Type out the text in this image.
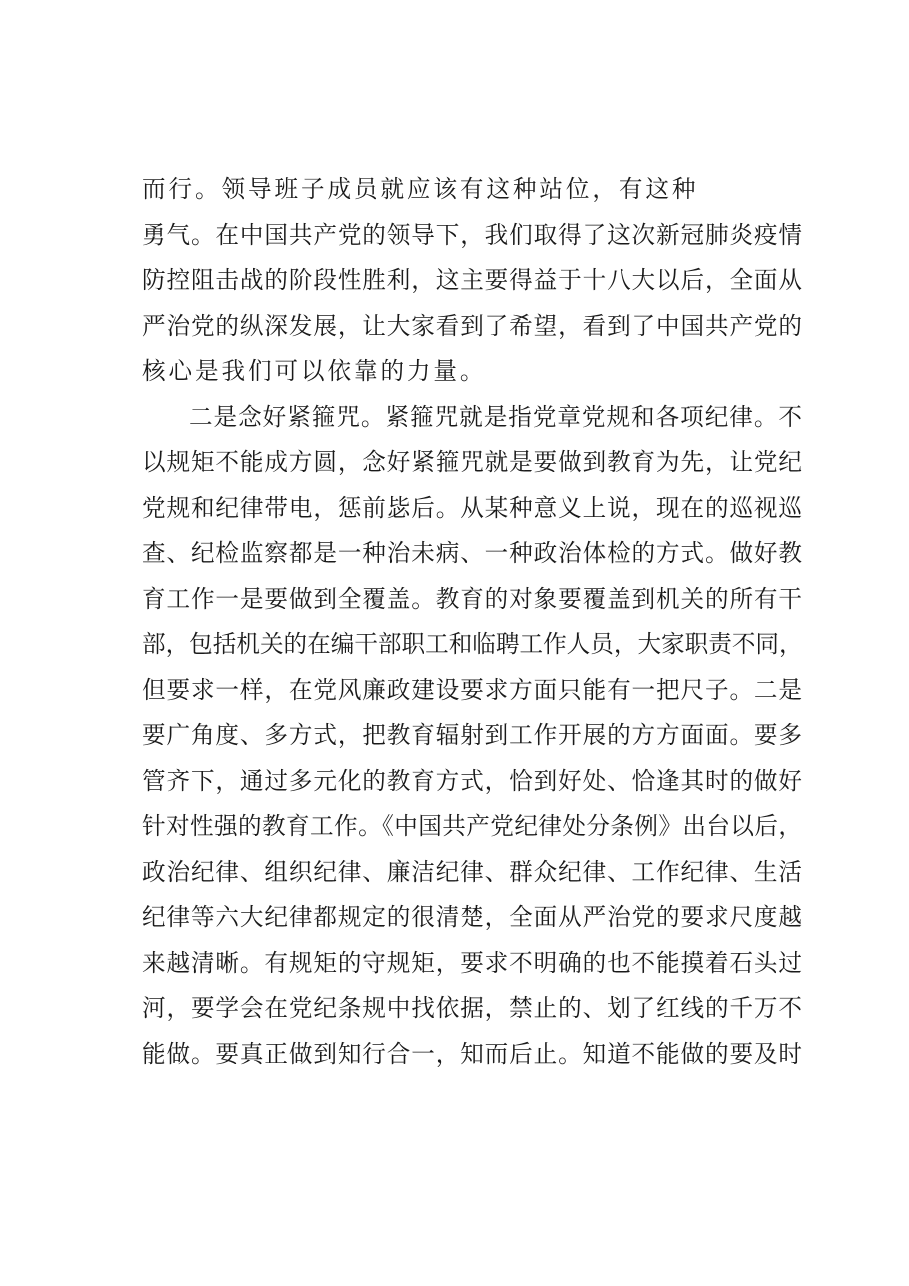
而行。领导班子成员就应该有这种站位，有这种
勇气。在中国共产党的领导下，我们取得了这次新冠肺炎疫情
防控阻击战的阶段性胜利，这主要得益于十八大以后，全面从
严治党的纵深发展，让大家看到了希望，看到了中国共产党的
核心是我们可以依靠的力量。
二是念好紧箍咒。紧箍咒就是指党章党规和各项纪律。不
以规矩不能成方圆，念好紧箍咒就是要做到教育为先，让党纪
党规和纪律带电，惩前毖后。从某种意义上说，现在的巡视巡
查、纪检监察都是一种治未病、一种政治体检的方式。做好教
育工作一是要做到全覆盖。教育的对象要覆盖到机关的所有干
部，包括机关的在编干部职工和临聘工作人员，大家职责不同，
但要求一样，在党风廉政建设要求方面只能有一把尺子。二是
要广角度、多方式，把教育辐射到工作开展的方方面面。要多
管齐下，通过多元化的教育方式，恰到好处、恰逢其时的做好
针对性强的教育工作。《中国共产党纪律处分条例》出台以后，
政治纪律、组织纪律、廉洁纪律、群众纪律、工作纪律、生活
纪律等六大纪律都规定的很清楚，全面从严治党的要求尺度越
来越清晰。有规矩的守规矩，要求不明确的也不能摸着石头过
河，要学会在党纪条规中找依据，禁止的、划了红线的千万不
能做。要真正做到知行合一，知而后止。知道不能做的要及时
